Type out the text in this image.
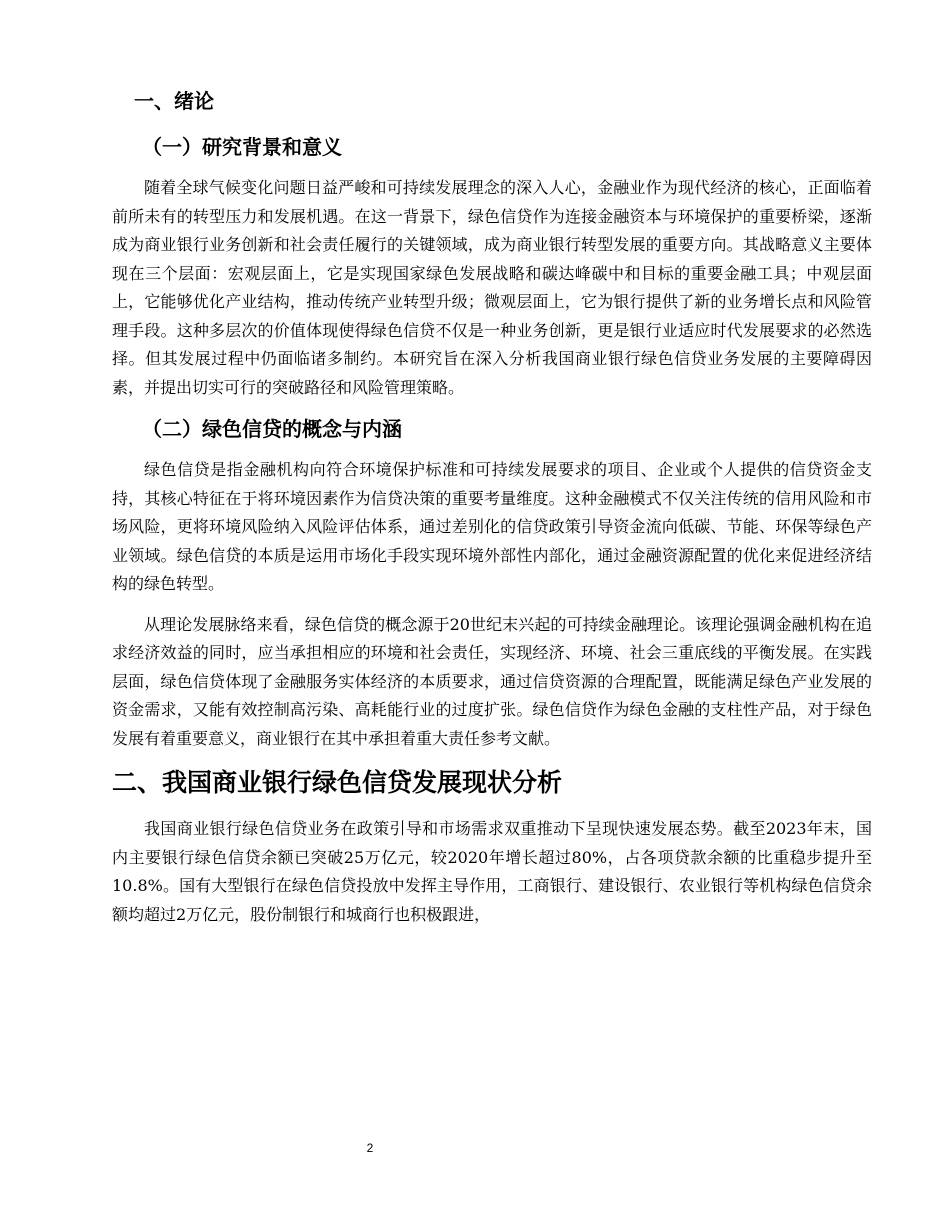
一、绪论
（一）研究背景和意义

随着全球气候变化问题日益严峻和可持续发展理念的深入人心，金融业作为现代经济的核心，正面临着前所未有的转型压力和发展机遇。在这一背景下，绿色信贷作为连接金融资本与环境保护的重要桥梁，逐渐成为商业银行业务创新和社会责任履行的关键领域，成为商业银行转型发展的重要方向。其战略意义主要体现在三个层面：宏观层面上，它是实现国家绿色发展战略和碳达峰碳中和目标的重要金融工具；中观层面上，它能够优化产业结构，推动传统产业转型升级；微观层面上，它为银行提供了新的业务增长点和风险管理手段。这种多层次的价值体现使得绿色信贷不仅是一种业务创新，更是银行业适应时代发展要求的必然选择。但其发展过程中仍面临诸多制约。本研究旨在深入分析我国商业银行绿色信贷业务发展的主要障碍因素，并提出切实可行的突破路径和风险管理策略。

（二）绿色信贷的概念与内涵

绿色信贷是指金融机构向符合环境保护标准和可持续发展要求的项目、企业或个人提供的信贷资金支持，其核心特征在于将环境因素作为信贷决策的重要考量维度。这种金融模式不仅关注传统的信用风险和市场风险，更将环境风险纳入风险评估体系，通过差别化的信贷政策引导资金流向低碳、节能、环保等绿色产业领域。绿色信贷的本质是运用市场化手段实现环境外部性内部化，通过金融资源配置的优化来促进经济结构的绿色转型。

从理论发展脉络来看，绿色信贷的概念源于20世纪末兴起的可持续金融理论。该理论强调金融机构在追求经济效益的同时，应当承担相应的环境和社会责任，实现经济、环境、社会三重底线的平衡发展。在实践层面，绿色信贷体现了金融服务实体经济的本质要求，通过信贷资源的合理配置，既能满足绿色产业发展的资金需求，又能有效控制高污染、高耗能行业的过度扩张。绿色信贷作为绿色金融的支柱性产品，对于绿色发展有着重要意义，商业银行在其中承担着重大责任参考文献。

二、我国商业银行绿色信贷发展现状分析

我国商业银行绿色信贷业务在政策引导和市场需求双重推动下呈现快速发展态势。截至2023年末，国内主要银行绿色信贷余额已突破25万亿元，较2020年增长超过80%，占各项贷款余额的比重稳步提升至10.8%。国有大型银行在绿色信贷投放中发挥主导作用，工商银行、建设银行、农业银行等机构绿色信贷余额均超过2万亿元，股份制银行和城商行也积极跟进，

2
